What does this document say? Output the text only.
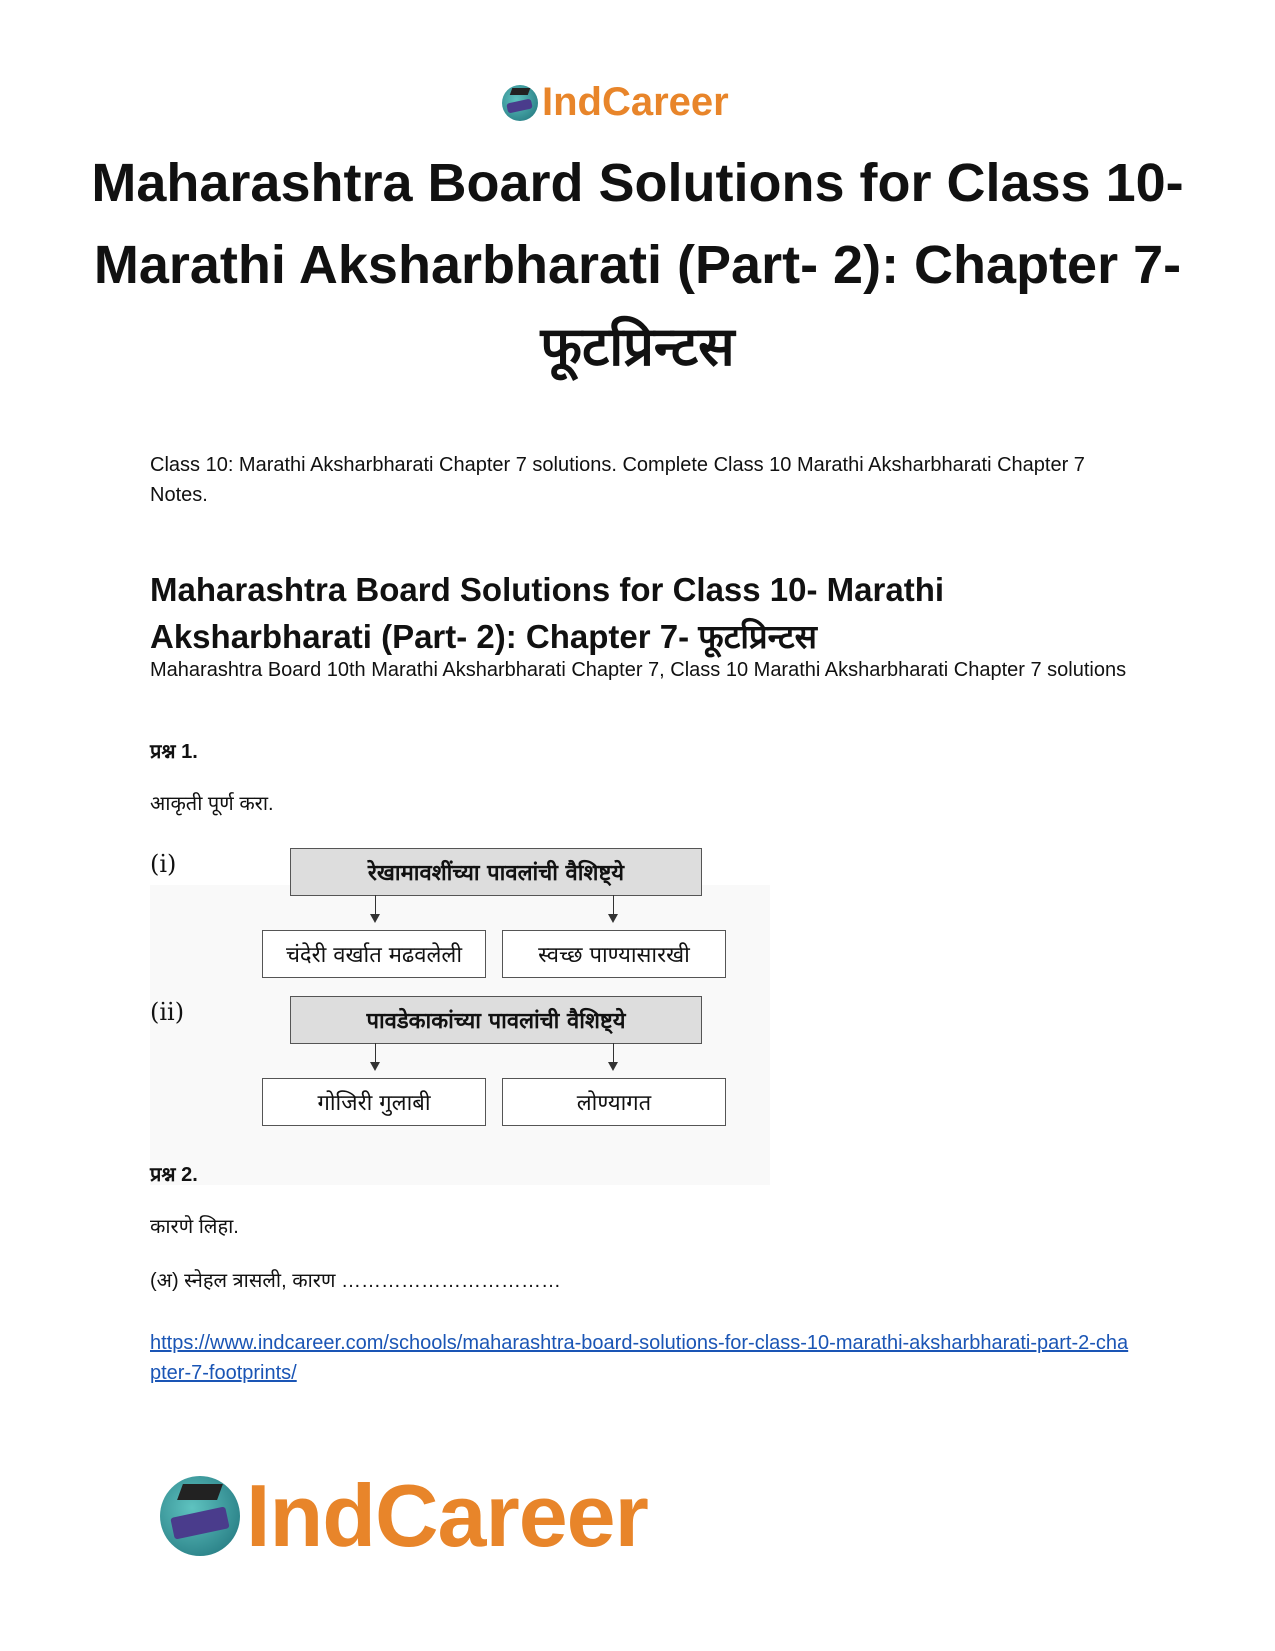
IndCareer
Maharashtra Board Solutions for Class 10- Marathi Aksharbharati (Part- 2): Chapter 7- फूटप्रिन्टस

Class 10: Marathi Aksharbharati Chapter 7 solutions. Complete Class 10 Marathi Aksharbharati Chapter 7 Notes.

Maharashtra Board Solutions for Class 10- Marathi Aksharbharati (Part- 2): Chapter 7- फूटप्रिन्टस

Maharashtra Board 10th Marathi Aksharbharati Chapter 7, Class 10 Marathi Aksharbharati Chapter 7 solutions

प्रश्न 1.

आकृती पूर्ण करा.

(i)	रेखामावशींच्या पावलांची वैशिष्ट्ये
चंदेरी वर्खात मढवलेली	स्वच्छ पाण्यासारखी
(ii)	पावडेकाकांच्या पावलांची वैशिष्ट्ये
गोजिरी गुलाबी	लोण्यागत

प्रश्न 2.

कारणे लिहा.

(अ) स्नेहल त्रासली, कारण ……………………………

https://www.indcareer.com/schools/maharashtra-board-solutions-for-class-10-marathi-aksharbharati-part-2-chapter-7-footprints/

IndCareer
